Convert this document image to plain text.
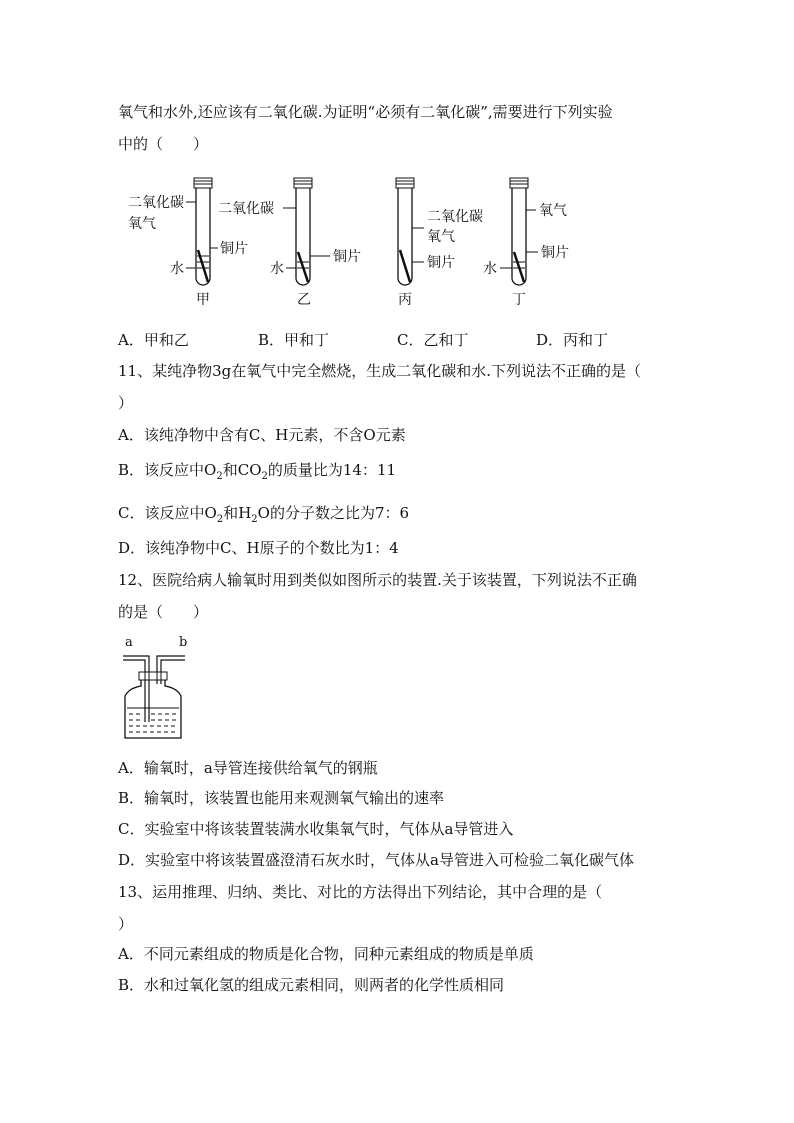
氧气和水外,还应该有二氧化碳.为证明“必须有二氧化碳”,需要进行下列实验
中的（　　）
二氧化碳
氧气
铜片
水
甲
二氧化碳
铜片
水
乙
二氧化碳
氧气
铜片
丙
氧气
铜片
水
丁
A．甲和乙	B．甲和丁	C．乙和丁	D．丙和丁
11、某纯净物3g在氧气中完全燃烧，生成二氧化碳和水.下列说法不正确的是（
）
A．该纯净物中含有C、H元素，不含O元素
B．该反应中$O_2$和$CO_2$的质量比为14：11
C．该反应中$O_2$和$H_2O$的分子数之比为7：6
D．该纯净物中C、H原子的个数比为1：4
12、医院给病人输氧时用到类似如图所示的装置.关于该装置，下列说法不正确
的是（　　）
a	b
A．输氧时，a导管连接供给氧气的钢瓶
B．输氧时，该装置也能用来观测氧气输出的速率
C．实验室中将该装置装满水收集氧气时，气体从a导管进入
D．实验室中将该装置盛澄清石灰水时，气体从a导管进入可检验二氧化碳气体
13、运用推理、归纳、类比、对比的方法得出下列结论，其中合理的是（
）
A．不同元素组成的物质是化合物，同种元素组成的物质是单质
B．水和过氧化氢的组成元素相同，则两者的化学性质相同
